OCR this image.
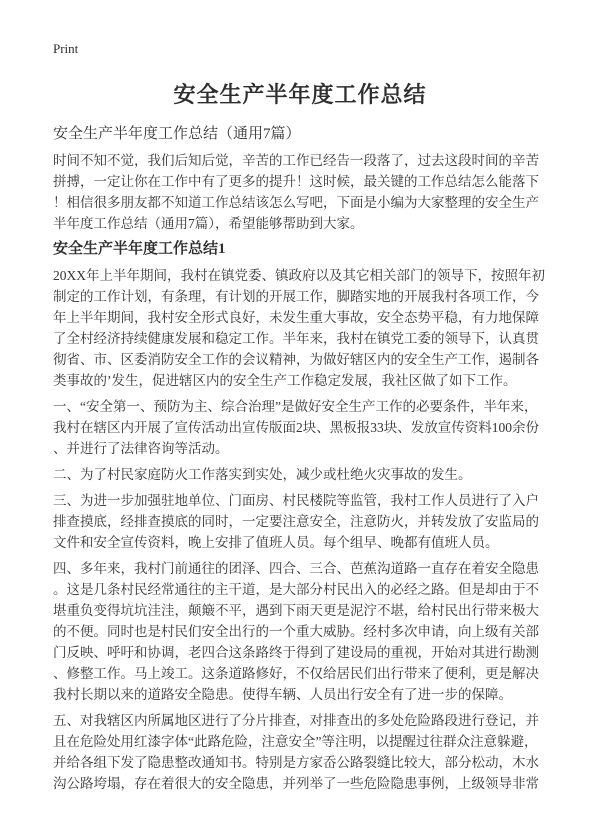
Print
安全生产半年度工作总结
安全生产半年度工作总结（通用7篇）

时间不知不觉，我们后知后觉，辛苦的工作已经告一段落了，过去这段时间的辛苦拼搏，一定让你在工作中有了更多的提升！这时候，最关键的工作总结怎么能落下！相信很多朋友都不知道工作总结该怎么写吧，下面是小编为大家整理的安全生产半年度工作总结（通用7篇），希望能够帮助到大家。

安全生产半年度工作总结1

20XX年上半年期间，我村在镇党委、镇政府以及其它相关部门的领导下，按照年初制定的工作计划，有条理，有计划的开展工作，脚踏实地的开展我村各项工作，今年上半年期间，我村安全形式良好，未发生重大事故，安全态势平稳，有力地保障了全村经济持续健康发展和稳定工作。半年来，我村在镇党工委的领导下，认真贯彻省、市、区委消防安全工作的会议精神，为做好辖区内的安全生产工作，遏制各类事故的’发生，促进辖区内的安全生产工作稳定发展，我社区做了如下工作。

一、“安全第一、预防为主、综合治理”是做好安全生产工作的必要条件，半年来，我村在辖区内开展了宣传活动出宣传版面2块、黑板报33块、发放宣传资料100余份、并进行了法律咨询等活动。

二、为了村民家庭防火工作落实到实处，减少或杜绝火灾事故的发生。

三、为进一步加强驻地单位、门面房、村民楼院等监管，我村工作人员进行了入户排查摸底，经排查摸底的同时，一定要注意安全，注意防火，并转发放了安监局的文件和安全宣传资料，晚上安排了值班人员。每个组早、晚都有值班人员。

四、多年来，我村门前通往的团泽、四合、三合、芭蕉沟道路一直存在着安全隐患。这是几条村民经常通往的主干道，是大部分村民出入的必经之路。但是却由于不堪重负变得坑坑洼洼，颠簸不平，遇到下雨天更是泥泞不堪，给村民出行带来极大的不便。同时也是村民们安全出行的一个重大威胁。经村多次申请，向上级有关部门反映、呼吁和协调，老四合这条路终于得到了建设局的重视，开始对其进行勘测、修整工作。马上竣工。这条道路修好，不仅给居民们出行带来了便利，更是解决我村长期以来的道路安全隐患。使得车辆、人员出行安全有了进一步的保障。

五、对我辖区内所属地区进行了分片排查，对排查出的多处危险路段进行登记，并且在危险处用红漆字体“此路危险，注意安全”等注明，以提醒过往群众注意躲避，并给各组下发了隐患整改通知书。特别是方家岙公路裂缝比较大，部分松动，木水沟公路垮塌，存在着很大的安全隐患，并列举了一些危险隐患事例，上级领导非常
